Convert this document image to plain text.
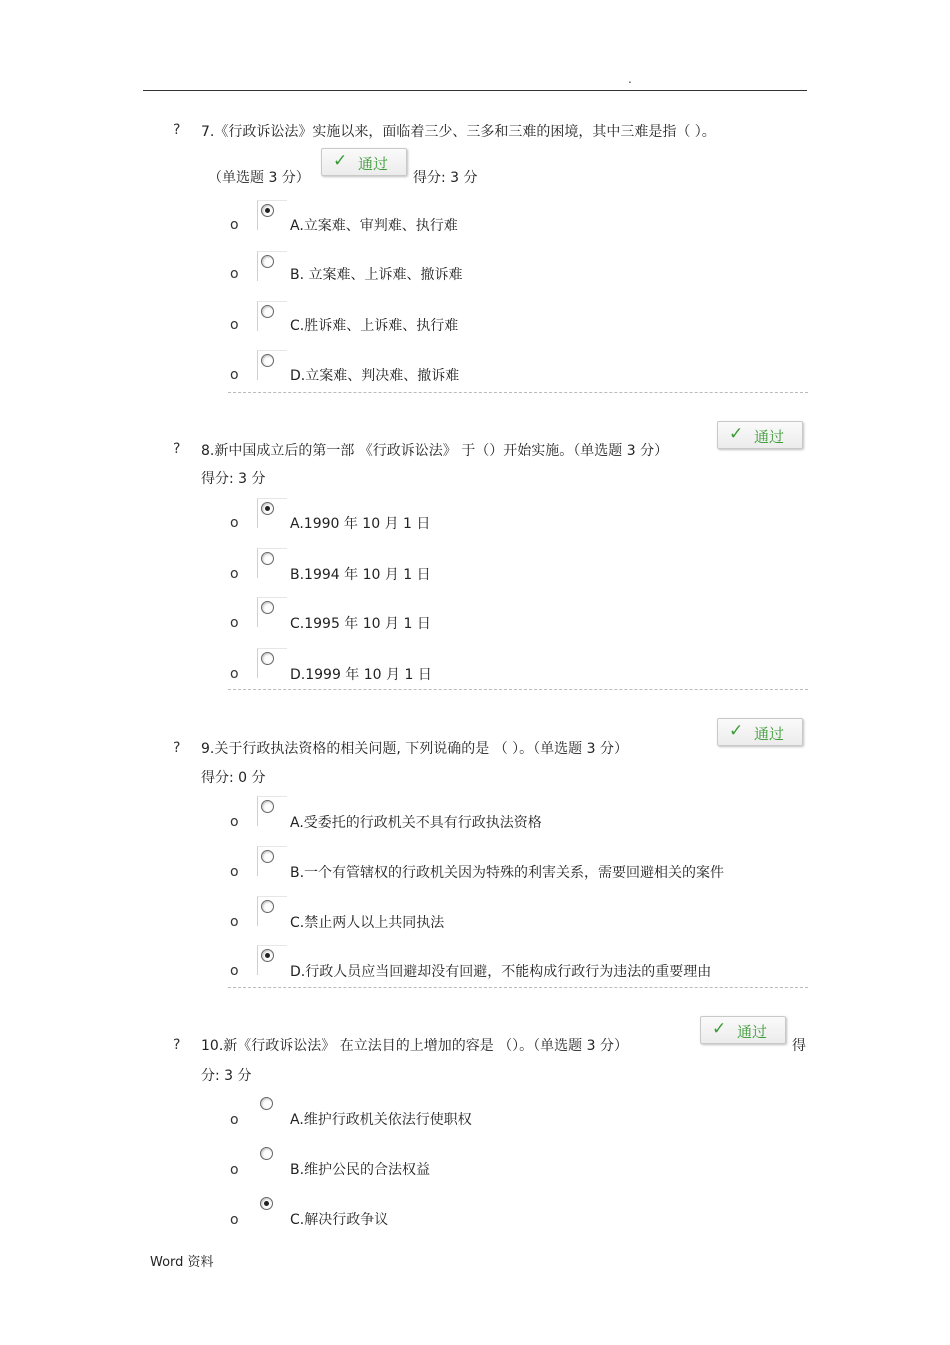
.
? 7.《行政诉讼法》实施以来，面临着三少、三多和三难的困境，其中三难是指（ ）。
（单选题 3 分）
✓ 通过
得分: 3 分
o	A.立案难、审判难、执行难
o	B. 立案难、上诉难、撤诉难
o	C.胜诉难、上诉难、执行难
o	D.立案难、判决难、撤诉难
? 8.新中国成立后的第一部 《行政诉讼法》 于（）开始实施。（单选题 3 分）
✓ 通过
得分: 3 分
o	A.1990 年 10 月 1 日
o	B.1994 年 10 月 1 日
o	C.1995 年 10 月 1 日
o	D.1999 年 10 月 1 日
? 9.关于行政执法资格的相关问题, 下列说确的是 （ ）。（单选题 3 分）
✓ 通过
得分: 0 分
o	A.受委托的行政机关不具有行政执法资格
o	B.一个有管辖权的行政机关因为特殊的利害关系，需要回避相关的案件
o	C.禁止两人以上共同执法
o	D.行政人员应当回避却没有回避，不能构成行政行为违法的重要理由
? 10.新《行政诉讼法》 在立法目的上增加的容是 （）。（单选题 3 分）
✓ 通过
得
分: 3 分
o	A.维护行政机关依法行使职权
o	B.维护公民的合法权益
o	C.解决行政争议
Word 资料
